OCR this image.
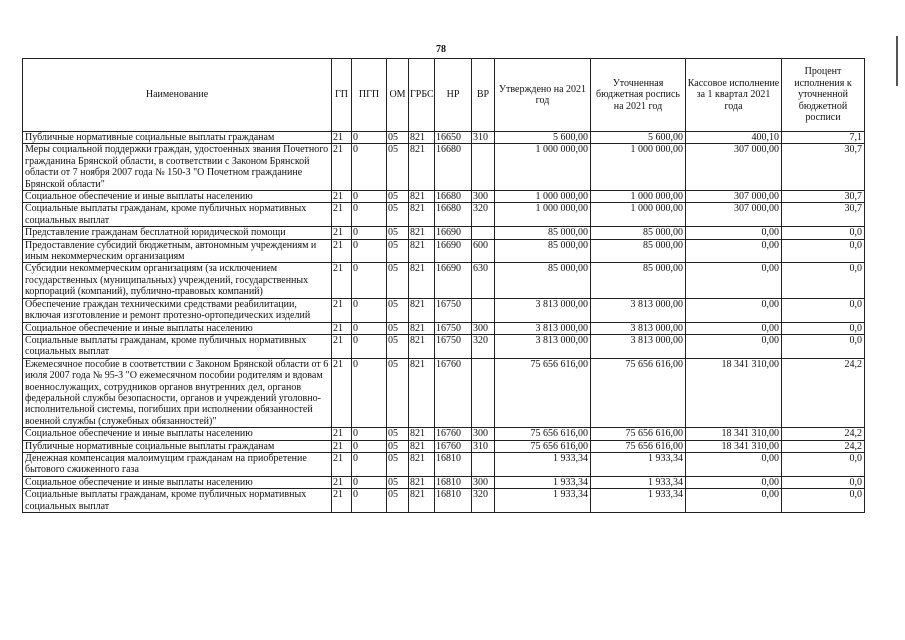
78
Наименование	ГП	ПГП	ОМ	ГРБС	НР	ВР	Утверждено на 2021 год	Уточненная бюджетная роспись на 2021 год	Кассовое исполнение за 1 квартал 2021 года	Процент исполнения к уточненной бюджетной росписи
Публичные нормативные социальные выплаты гражданам	21	0	05	821	16650	310	5 600,00	5 600,00	400,10	7,1
Меры социальной поддержки граждан, удостоенных звания Почетного гражданина Брянской области, в соответствии с Законом Брянской области от 7 ноября 2007 года № 150-З "О Почетном гражданине Брянской области"	21	0	05	821	16680		1 000 000,00	1 000 000,00	307 000,00	30,7
Социальное обеспечение и иные выплаты населению	21	0	05	821	16680	300	1 000 000,00	1 000 000,00	307 000,00	30,7
Социальные выплаты гражданам, кроме публичных нормативных социальных выплат	21	0	05	821	16680	320	1 000 000,00	1 000 000,00	307 000,00	30,7
Представление гражданам бесплатной юридической помощи	21	0	05	821	16690		85 000,00	85 000,00	0,00	0,0
Предоставление субсидий бюджетным, автономным учреждениям и иным некоммерческим организациям	21	0	05	821	16690	600	85 000,00	85 000,00	0,00	0,0
Субсидии некоммерческим организациям (за исключением государственных (муниципальных) учреждений, государственных корпораций (компаний), публично-правовых компаний)	21	0	05	821	16690	630	85 000,00	85 000,00	0,00	0,0
Обеспечение граждан техническими средствами реабилитации, включая изготовление и ремонт протезно-ортопедических изделий	21	0	05	821	16750		3 813 000,00	3 813 000,00	0,00	0,0
Социальное обеспечение и иные выплаты населению	21	0	05	821	16750	300	3 813 000,00	3 813 000,00	0,00	0,0
Социальные выплаты гражданам, кроме публичных нормативных социальных выплат	21	0	05	821	16750	320	3 813 000,00	3 813 000,00	0,00	0,0
Ежемесячное пособие в соответствии с Законом Брянской области от 6 июля 2007 года № 95-З "О ежемесячном пособии родителям и вдовам военнослужащих, сотрудников органов внутренних дел, органов федеральной службы безопасности, органов и учреждений уголовно-исполнительной системы, погибших при исполнении обязанностей военной службы (служебных обязанностей)"	21	0	05	821	16760		75 656 616,00	75 656 616,00	18 341 310,00	24,2
Социальное обеспечение и иные выплаты населению	21	0	05	821	16760	300	75 656 616,00	75 656 616,00	18 341 310,00	24,2
Публичные нормативные социальные выплаты гражданам	21	0	05	821	16760	310	75 656 616,00	75 656 616,00	18 341 310,00	24,2
Денежная компенсация малоимущим гражданам на приобретение бытового сжиженного газа	21	0	05	821	16810		1 933,34	1 933,34	0,00	0,0
Социальное обеспечение и иные выплаты населению	21	0	05	821	16810	300	1 933,34	1 933,34	0,00	0,0
Социальные выплаты гражданам, кроме публичных нормативных социальных выплат	21	0	05	821	16810	320	1 933,34	1 933,34	0,00	0,0
